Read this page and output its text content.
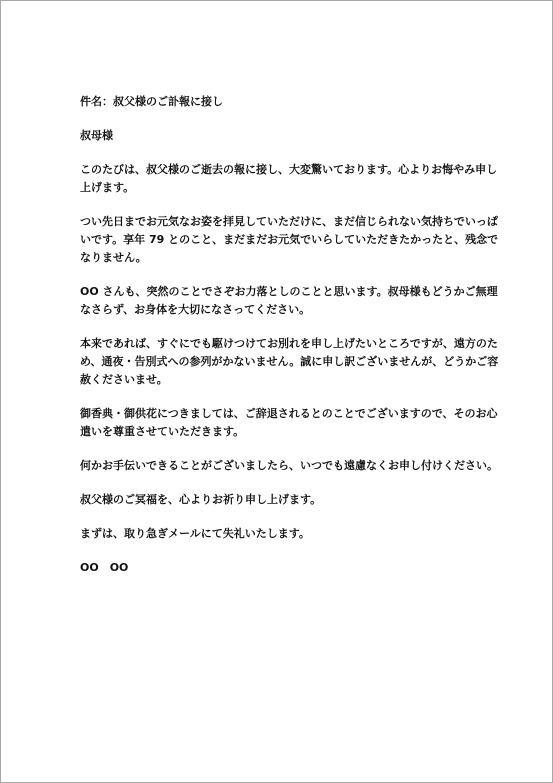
件名：叔父様のご訃報に接し

叔母様

このたびは、叔父様のご逝去の報に接し、大変驚いております。心よりお悔やみ申し上げます。

つい先日までお元気なお姿を拝見していただけに、まだ信じられない気持ちでいっぱいです。享年 79 とのこと、まだまだお元気でいらしていただきたかったと、残念でなりません。

OO さんも、突然のことでさぞお力落としのことと思います。叔母様もどうかご無理なさらず、お身体を大切になさってください。

本来であれば、すぐにでも駆けつけてお別れを申し上げたいところですが、遠方のため、通夜・告別式への参列がかないません。誠に申し訳ございませんが、どうかご容赦くださいませ。

御香典・御供花につきましては、ご辞退されるとのことでございますので、そのお心遣いを尊重させていただきます。

何かお手伝いできることがございましたら、いつでも遠慮なくお申し付けください。

叔父様のご冥福を、心よりお祈り申し上げます。

まずは、取り急ぎメールにて失礼いたします。

OO　OO
